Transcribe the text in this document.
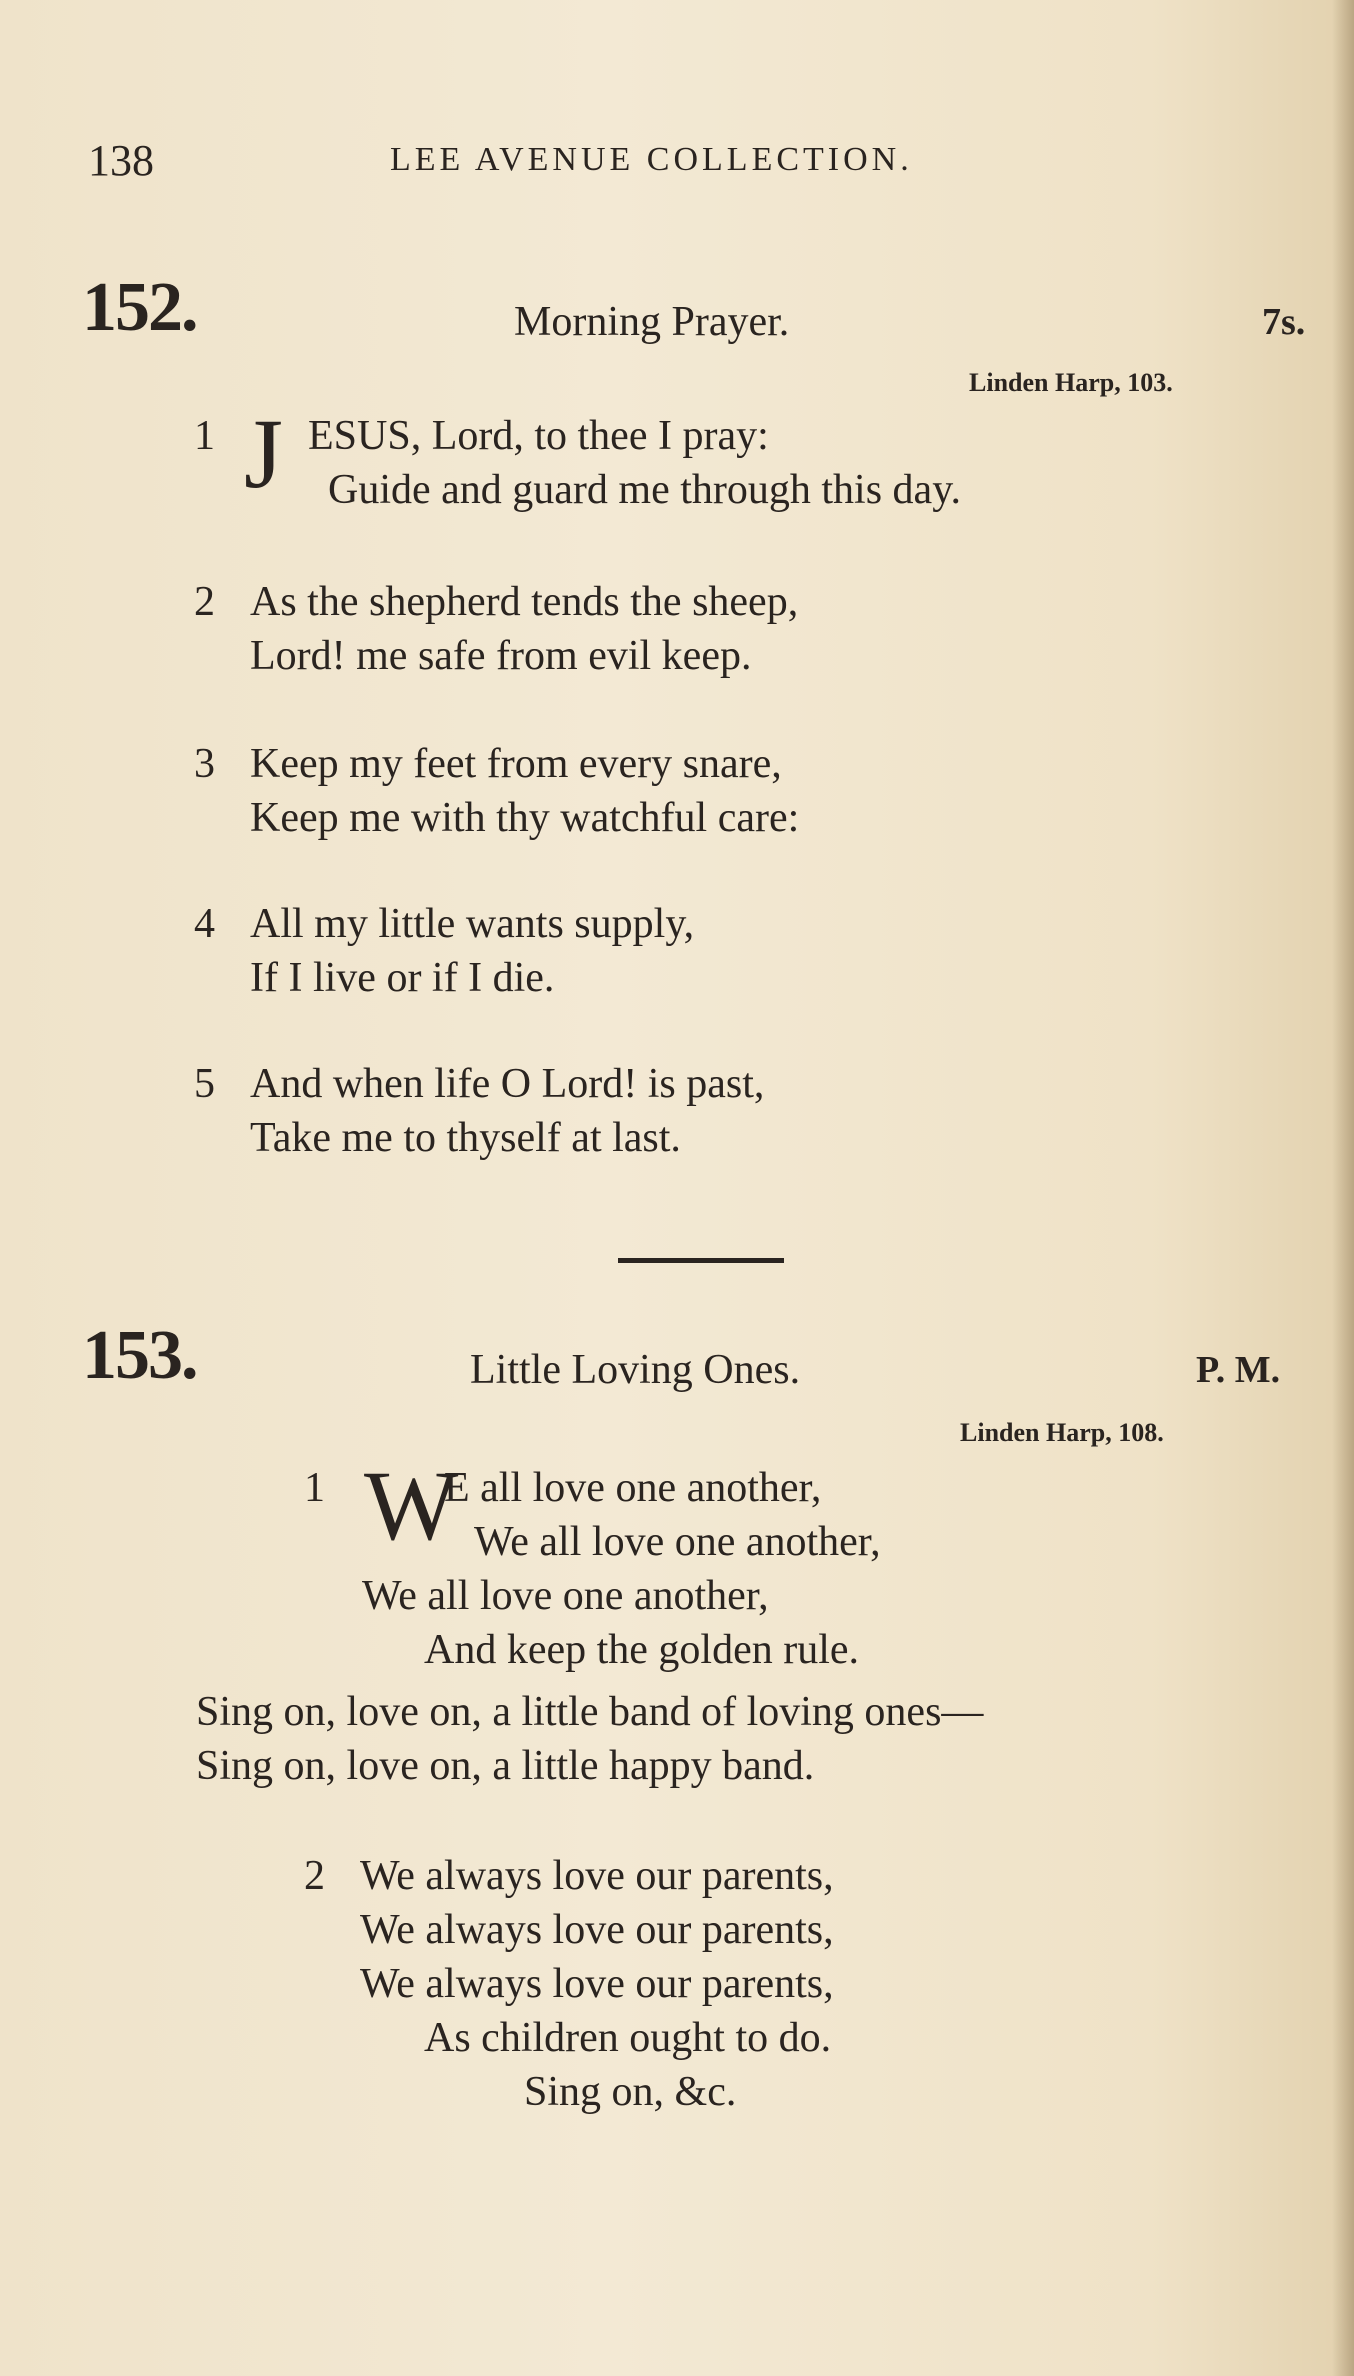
138	LEE AVENUE COLLECTION.
152.	Morning Prayer.	7s.
Linden Harp, 103.
1 J ESUS, Lord, to thee I pray:
Guide and guard me through this day.
2 As the shepherd tends the sheep,
Lord! me safe from evil keep.
3 Keep my feet from every snare,
Keep me with thy watchful care:
4 All my little wants supply,
If I live or if I die.
5 And when life O Lord! is past,
Take me to thyself at last.
153.	Little Loving Ones.	P. M.
Linden Harp, 108.
1 W
E all love one another,
We all love one another,
We all love one another,
And keep the golden rule.
Sing on, love on, a little band of loving ones—
Sing on, love on, a little happy band.
2 We always love our parents,
We always love our parents,
We always love our parents,
As children ought to do.
Sing on, &c.
